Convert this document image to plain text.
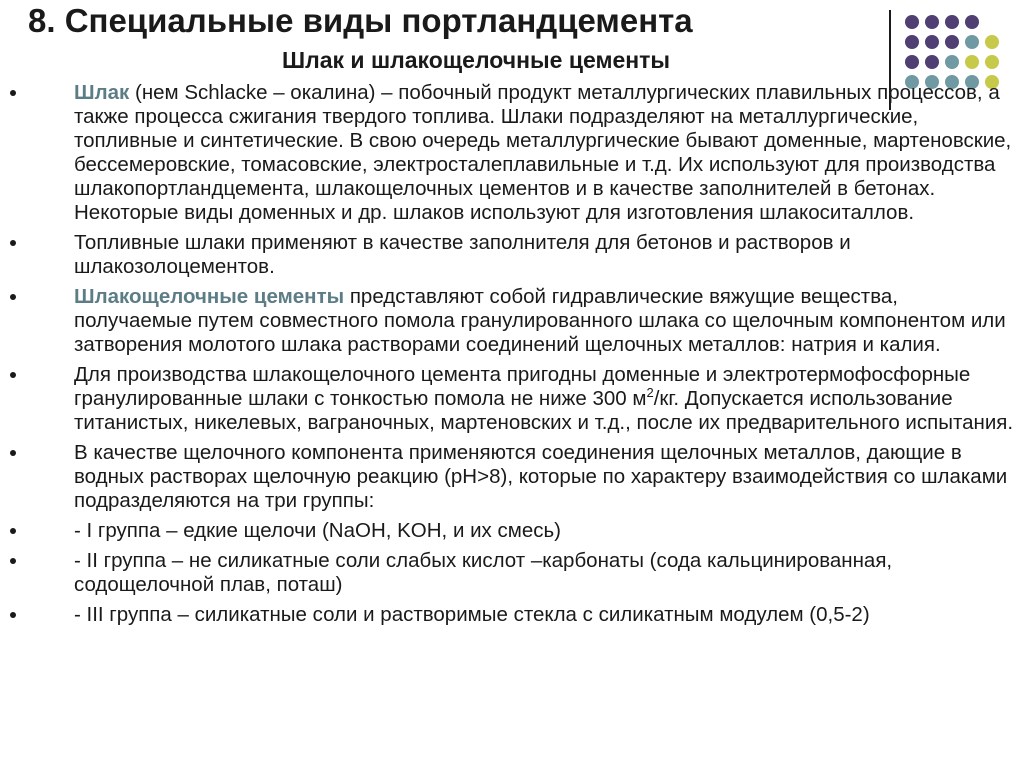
8. Специальные виды портландцемента
Шлак и шлакощелочные цементы
Шлак (нем Schlacke – окалина) – побочный продукт металлургических плавильных процессов, а также процесса сжигания твердого топлива. Шлаки подразделяют на металлургические, топливные и синтетические. В свою очередь металлургические бывают доменные, мартеновские, бессемеровские, томасовские, электросталеплавильные и т.д. Их используют для производства шлакопортландцемента, шлакощелочных цементов и в качестве заполнителей в бетонах. Некоторые виды доменных и др. шлаков используют для изготовления шлакоситаллов.
Топливные шлаки применяют в качестве заполнителя для бетонов и растворов и шлакозолоцементов.
Шлакощелочные цементы представляют собой гидравлические вяжущие вещества, получаемые путем совместного помола гранулированного шлака со щелочным компонентом или затворения молотого шлака растворами соединений щелочных металлов: натрия и калия.
Для производства шлакощелочного цемента пригодны доменные и электротермофосфорные гранулированные шлаки с тонкостью помола не ниже 300 $м^2/кг$. Допускается использование титанистых, никелевых, ваграночных, мартеновских и т.д., после их предварительного испытания.
В качестве щелочного компонента применяются соединения щелочных металлов, дающие в водных растворах щелочную реакцию (рН>8), которые по характеру взаимодействия со шлаками подразделяются на три группы:
- I группа – едкие щелочи (NaOH, KOH, и их смесь)
- II группа – не силикатные соли слабых кислот –карбонаты (сода кальцинированная, содощелочной плав, поташ)
- III группа – силикатные соли и растворимые стекла с силикатным модулем (0,5-2)
